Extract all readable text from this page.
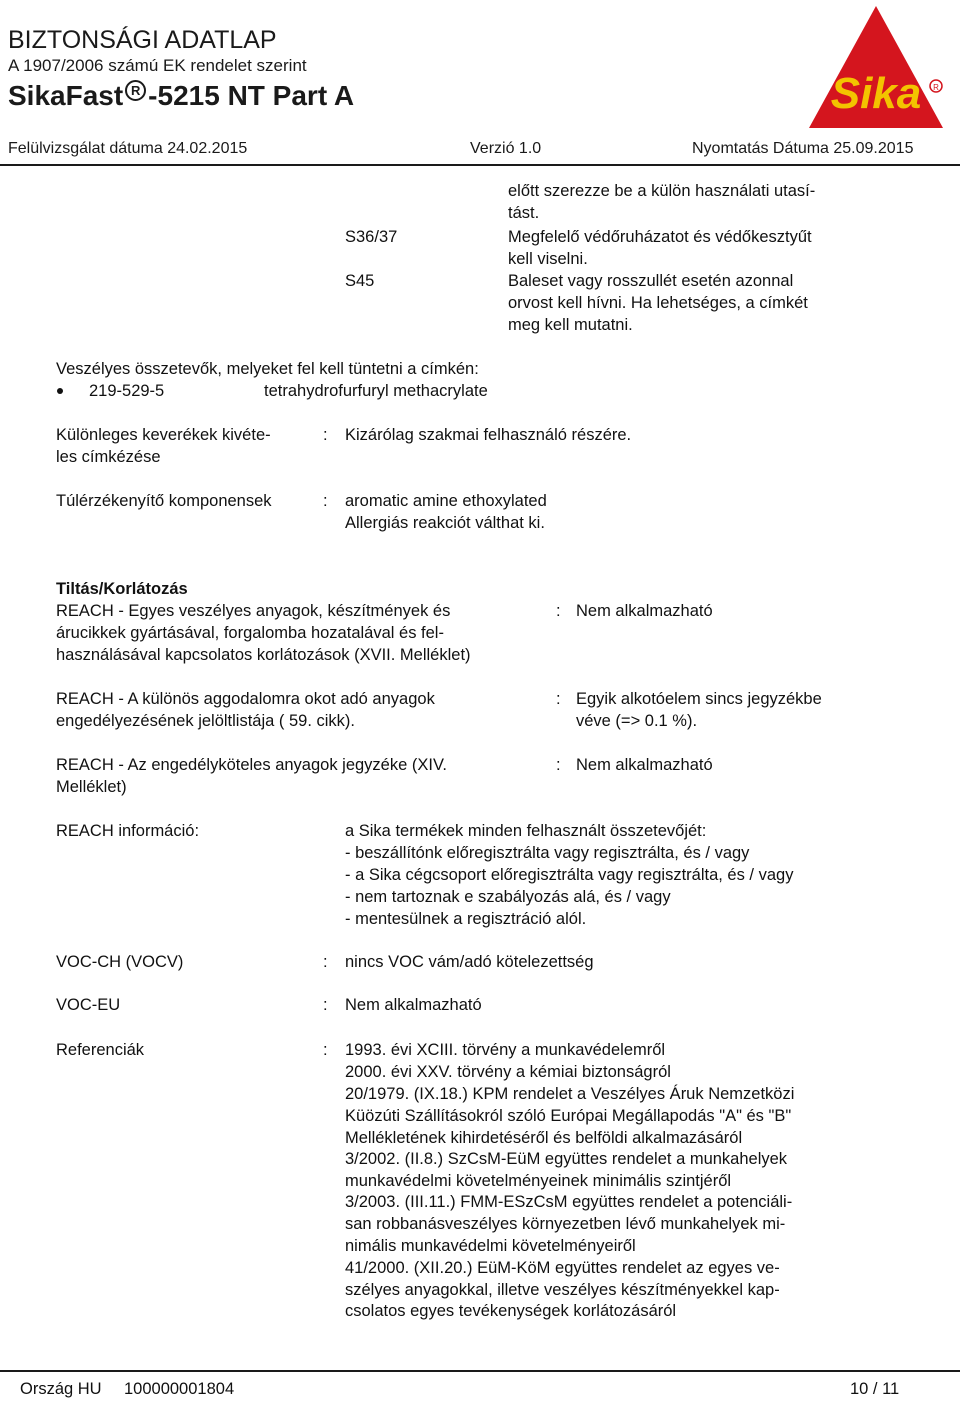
BIZTONSÁGI ADATLAP
A 1907/2006 számú EK rendelet szerint
SikaFast R -5215 NT Part A	Sika R
Felülvizsgálat dátuma 24.02.2015	Verzió 1.0	Nyomtatás Dátuma 25.09.2015
előtt szerezze be a külön használati utasí-
tást.
S36/37	Megfelelő védőruházatot és védőkesztyűt
kell viselni.
S45	Baleset vagy rosszullét esetén azonnal
orvost kell hívni. Ha lehetséges, a címkét
meg kell mutatni.
Veszélyes összetevők, melyeket fel kell tüntetni a címkén:
219-529-5	tetrahydrofurfuryl methacrylate
Különleges keverékek kivéte-
les címkézése
: Kizárólag szakmai felhasználó részére.
Túlérzékenyítő komponensek	: aromatic amine ethoxylated
Allergiás reakciót válthat ki.
Tiltás/Korlátozás
REACH - Egyes veszélyes anyagok, készítmények és
árucikkek gyártásával, forgalomba hozatalával és fel-
használásával kapcsolatos korlátozások (XVII. Melléklet)
: Nem alkalmazható
REACH - A különös aggodalomra okot adó anyagok
engedélyezésének jelöltlistája ( 59. cikk).
: Egyik alkotóelem sincs jegyzékbe
véve (=> 0.1 %).
REACH - Az engedélyköteles anyagok jegyzéke (XIV.
Melléklet)
: Nem alkalmazható
REACH információ:	a Sika termékek minden felhasznált összetevőjét:
- beszállítónk előregisztrálta vagy regisztrálta, és / vagy
- a Sika cégcsoport előregisztrálta vagy regisztrálta, és / vagy
- nem tartoznak e szabályozás alá, és / vagy
- mentesülnek a regisztráció alól.
VOC-CH (VOCV)	: nincs VOC vám/adó kötelezettség
VOC-EU	: Nem alkalmazható
Referenciák	: 1993. évi XCIII. törvény a munkavédelemről
2000. évi XXV. törvény a kémiai biztonságról
20/1979. (IX.18.) KPM rendelet a Veszélyes Áruk Nemzetközi
Küözúti Szállításokról szóló Európai Megállapodás "A" és "B"
Mellékletének kihirdetéséről és belföldi alkalmazásáról
3/2002. (II.8.) SzCsM-EüM együttes rendelet a munkahelyek
munkavédelmi követelményeinek minimális szintjéről
3/2003. (III.11.) FMM-ESzCsM együttes rendelet a potenciáli-
san robbanásveszélyes környezetben lévő munkahelyek mi-
nimális munkavédelmi követelményeiről
41/2000. (XII.20.) EüM-KöM együttes rendelet az egyes ve-
szélyes anyagokkal, illetve veszélyes készítményekkel kap-
csolatos egyes tevékenységek korlátozásáról
Ország HU 100000001804	10 / 11
